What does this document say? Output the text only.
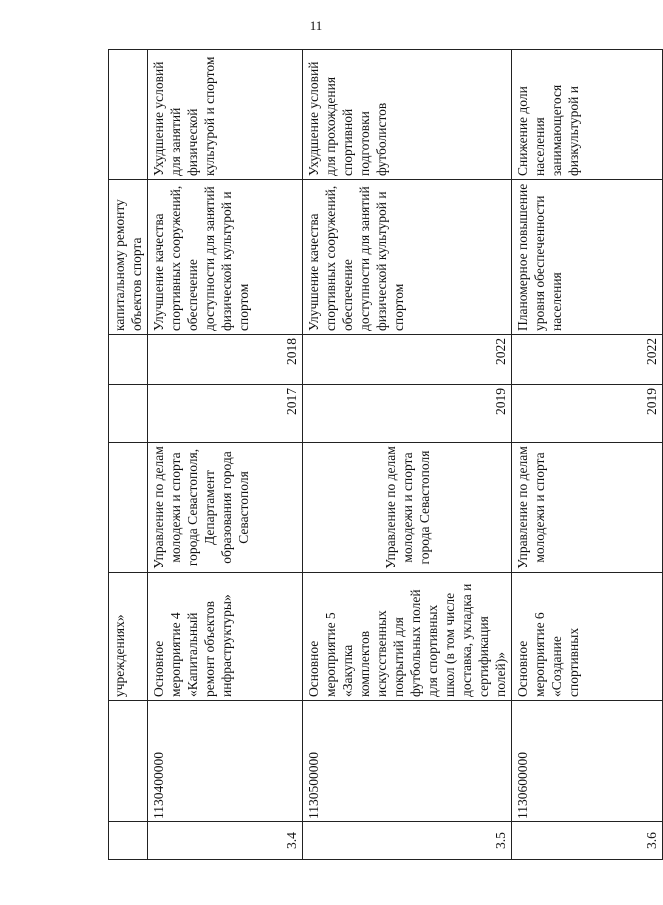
11
		учреждениях»				капитальному ремонту объектов спорта	
3.4	1130400000	Основное мероприятие 4 «Капитальный ремонт объектов инфраструктуры»	Управление по делам молодежи и спорта города Севастополя, Департамент образования города Севастополя	2017	2018	Улучшение качества спортивных сооружений, обеспечение доступности для занятий физической культурой и спортом	Ухудшение условий для занятий физической культурой и спортом
3.5	1130500000	Основное мероприятие 5 «Закупка комплектов искусственных покрытий для футбольных полей для спортивных школ (в том числе доставка, укладка и сертификация полей)»	Управление по делам молодежи и спорта города Севастополя	2019	2022	Улучшение качества спортивных сооружений, обеспечение доступности для занятий физической культурой и спортом	Ухудшение условий для прохождения спортивной подготовки футболистов
3.6	1130600000	Основное мероприятие 6 «Создание спортивных	Управление по делам молодежи и спорта	2019	2022	Планомерное повышение уровня обеспеченности населения	Снижение доли населения занимающегося физкультурой и
